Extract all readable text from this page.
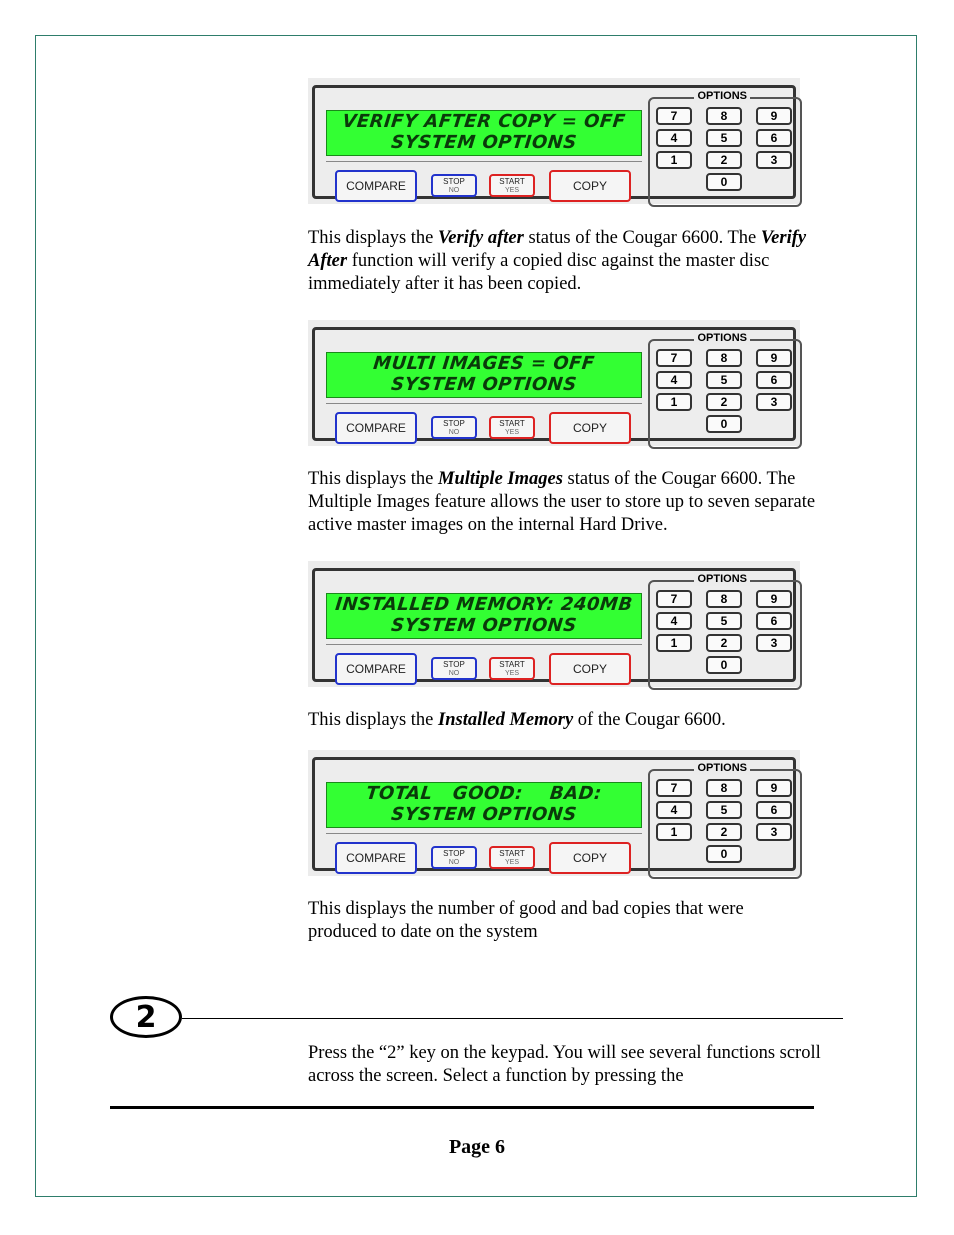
VERIFY AFTER COPY = OFF
SYSTEM OPTIONS
COMPARE	STOP
NO
START
YES	COPY
OPTIONS
7	8	9
4	5	6
1	2	3
0
This displays the Verify after status of the Cougar 6600. The Verify After function will verify a copied disc against the master disc immediately after it has been copied.
MULTI IMAGES = OFF
SYSTEM OPTIONS
COMPARE	STOP
NO
START
YES	COPY
OPTIONS
7	8	9
4	5	6
1	2	3
0
This displays the Multiple Images status of the Cougar 6600. The Multiple Images feature allows the user to store up to seven separate active master images on the internal Hard Drive.
INSTALLED MEMORY: 240MB
SYSTEM OPTIONS
COMPARE	STOP
NO
START
YES	COPY
OPTIONS
7	8	9
4	5	6
1	2	3
0
This displays the Installed Memory of the Cougar 6600.
TOTAL   GOOD:    BAD:
SYSTEM OPTIONS
COMPARE	STOP
NO
START
YES	COPY
OPTIONS
7	8	9
4	5	6
1	2	3
0
This displays the number of good and bad copies that were produced to date on the system
2
Press the “2” key on the keypad. You will see several functions scroll across the screen. Select a function by pressing the
Page 6
